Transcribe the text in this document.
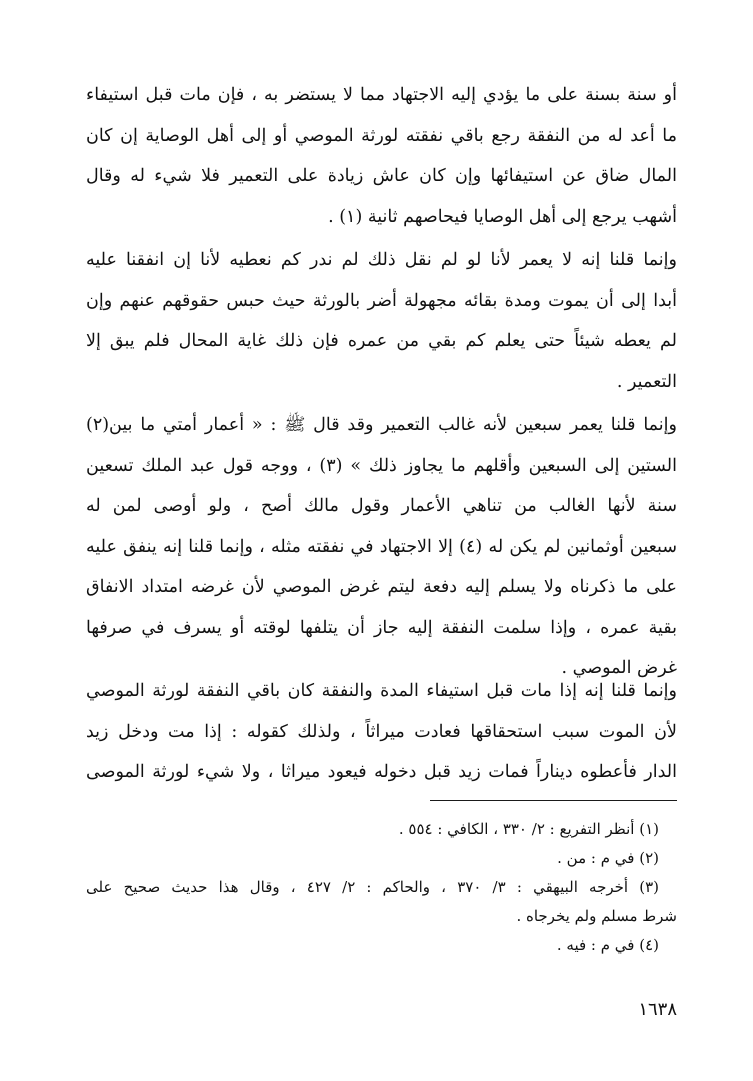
أو سنة بسنة على ما يؤدي إليه الاجتهاد مما لا يستضر به ، فإن مات قبل استيفاء
ما أعد له من النفقة رجع باقي نفقته لورثة الموصي أو إلى أهل الوصاية إن كان
المال ضاق عن استيفائها وإن كان عاش زيادة على التعمير فلا شيء له وقال
أشهب يرجع إلى أهل الوصايا فيحاصهم ثانية (١) .
وإنما قلنا إنه لا يعمر لأنا لو لم نقل ذلك لم ندر كم نعطيه لأنا إن انفقنا عليه
أبدا إلى أن يموت ومدة بقائه مجهولة أضر بالورثة حيث حبس حقوقهم عنهم وإن
لم يعطه شيئاً حتى يعلم كم بقي من عمره فإن ذلك غاية المحال فلم يبق إلا
التعمير .
وإنما قلنا يعمر سبعين لأنه غالب التعمير وقد قال ﷺ : « أعمار أمتي ما بين(٢)
الستين إلى السبعين وأقلهم ما يجاوز ذلك » (٣) ، ووجه قول عبد الملك تسعين
سنة لأنها الغالب من تناهي الأعمار وقول مالك أصح ، ولو أوصى لمن له
سبعين أوثمانين لم يكن له (٤) إلا الاجتهاد في نفقته مثله ، وإنما قلنا إنه ينفق عليه
على ما ذكرناه ولا يسلم إليه دفعة ليتم غرض الموصي لأن غرضه امتداد الانفاق
بقية عمره ، وإذا سلمت النفقة إليه جاز أن يتلفها لوقته أو يسرف في صرفها
غرض الموصي .
وإنما قلنا إنه إذا مات قبل استيفاء المدة والنفقة كان باقي النفقة لورثة الموصي
لأن الموت سبب استحقاقها فعادت ميراثاً ، ولذلك كقوله : إذا مت ودخل زيد
الدار فأعطوه ديناراً فمات زيد قبل دخوله فيعود ميراثا ، ولا شيء لورثة الموصى
(١) أنظر التفريع : ٢/ ٣٣٠ ، الكافي : ٥٥٤ .
(٢) في م : من .
(٣) أخرجه البيهقي : ٣/ ٣٧٠ ، والحاكم : ٢/ ٤٢٧ ، وقال هذا حديث صحيح على
شرط مسلم ولم يخرجاه .
(٤) في م : فيه .
١٦٣٨
